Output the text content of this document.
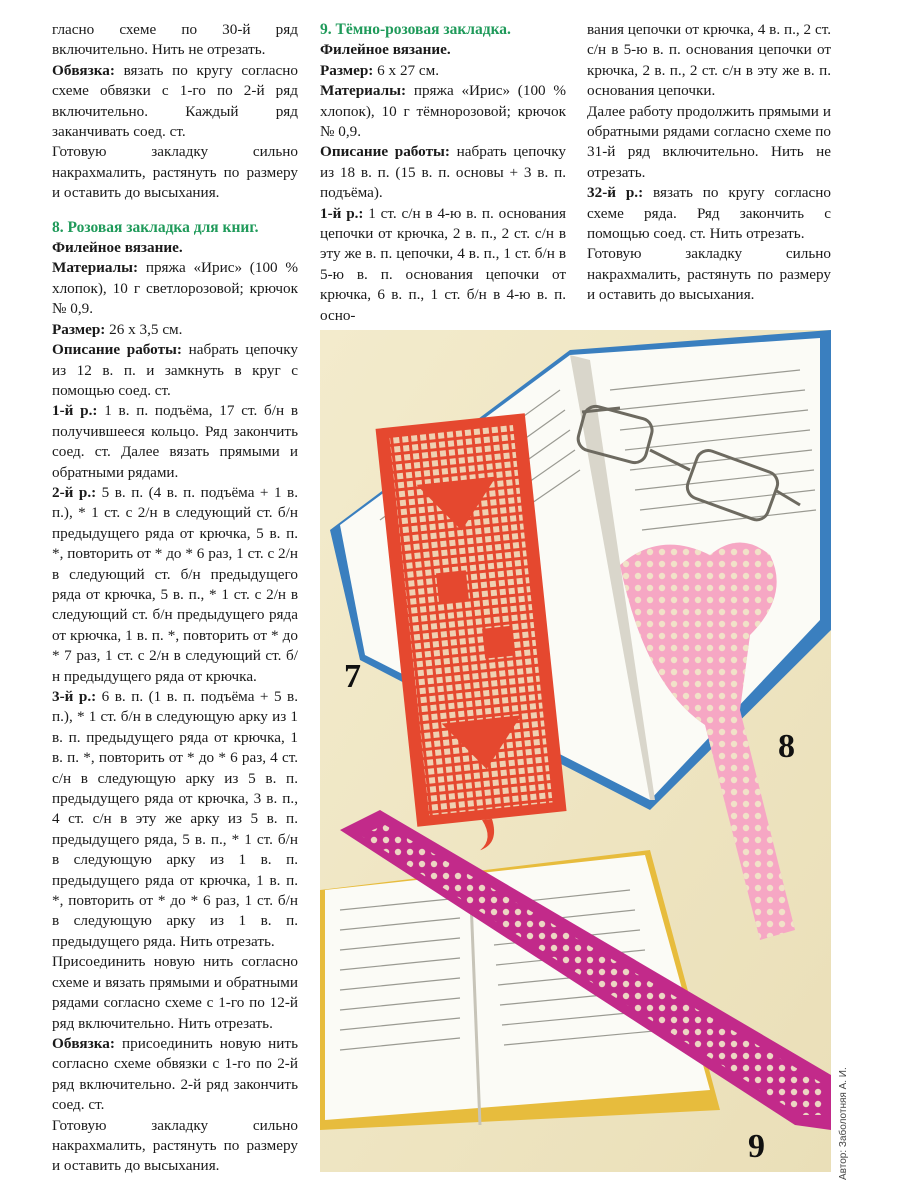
гласно схеме по 30-й ряд включительно. Нить не отрезать.

Обвязка: вязать по кругу согласно схеме обвязки с 1-го по 2-й ряд включительно. Каждый ряд заканчивать соед. ст.

Готовую закладку сильно накрахмалить, растянуть по размеру и оставить до высыхания.

8. Розовая закладка для книг.

Филейное вязание.

Материалы: пряжа «Ирис» (100 % хлопок), 10 г светлорозовой; крючок № 0,9.

Размер: 26 х 3,5 см.

Описание работы: набрать цепочку из 12 в. п. и замкнуть в круг с помощью соед. ст.

1-й р.: 1 в. п. подъёма, 17 ст. б/н в получившееся кольцо. Ряд закончить соед. ст. Далее вязать прямыми и обратными рядами.

2-й р.: 5 в. п. (4 в. п. подъёма + 1 в. п.), * 1 ст. с 2/н в следующий ст. б/н предыдущего ряда от крючка, 5 в. п. *, повторить от * до * 6 раз, 1 ст. с 2/н в следующий ст. б/н предыдущего ряда от крючка, 5 в. п., * 1 ст. с 2/н в следующий ст. б/н предыдущего ряда от крючка, 1 в. п. *, повторить от * до * 7 раз, 1 ст. с 2/н в следующий ст. б/н предыдущего ряда от крючка.

3-й р.: 6 в. п. (1 в. п. подъёма + 5 в. п.), * 1 ст. б/н в следующую арку из 1 в. п. предыдущего ряда от крючка, 1 в. п. *, повторить от * до * 6 раз, 4 ст. с/н в следующую арку из 5 в. п. предыдущего ряда от крючка, 3 в. п., 4 ст. с/н в эту же арку из 5 в. п. предыдущего ряда, 5 в. п., * 1 ст. б/н в следующую арку из 1 в. п. предыдущего ряда от крючка, 1 в. п. *, повторить от * до * 6 раз, 1 ст. б/н в следующую арку из 1 в. п. предыдущего ряда. Нить отрезать.

Присоединить новую нить согласно схеме и вязать прямыми и обратными рядами согласно схеме с 1-го по 12-й ряд включительно. Нить отрезать.

Обвязка: присоединить новую нить согласно схеме обвязки с 1-го по 2-й ряд включительно. 2-й ряд закончить соед. ст.

Готовую закладку сильно накрахмалить, растянуть по размеру и оставить до высыхания.

9. Тёмно-розовая закладка.

Филейное вязание.

Размер: 6 х 27 см.

Материалы: пряжа «Ирис» (100 % хлопок), 10 г тёмнорозовой; крючок № 0,9.

Описание работы: набрать цепочку из 18 в. п. (15 в. п. основы + 3 в. п. подъёма).

1-й р.: 1 ст. с/н в 4-ю в. п. основания цепочки от крючка, 2 в. п., 2 ст. с/н в эту же в. п. цепочки, 4 в. п., 1 ст. б/н в 5-ю в. п. основания цепочки от крючка, 6 в. п., 1 ст. б/н в 4-ю в. п. осно-

вания цепочки от крючка, 4 в. п., 2 ст. с/н в 5-ю в. п. основания цепочки от крючка, 2 в. п., 2 ст. с/н в эту же в. п. основания цепочки.

Далее работу продолжить прямыми и обратными рядами согласно схеме по 31-й ряд включительно. Нить не отрезать.

32-й р.: вязать по кругу согласно схеме ряда. Ряд закончить с помощью соед. ст. Нить отрезать.

Готовую закладку сильно накрахмалить, растянуть по размеру и оставить до высыхания.

7
8
9	Автор: Заболотняя А. И.
